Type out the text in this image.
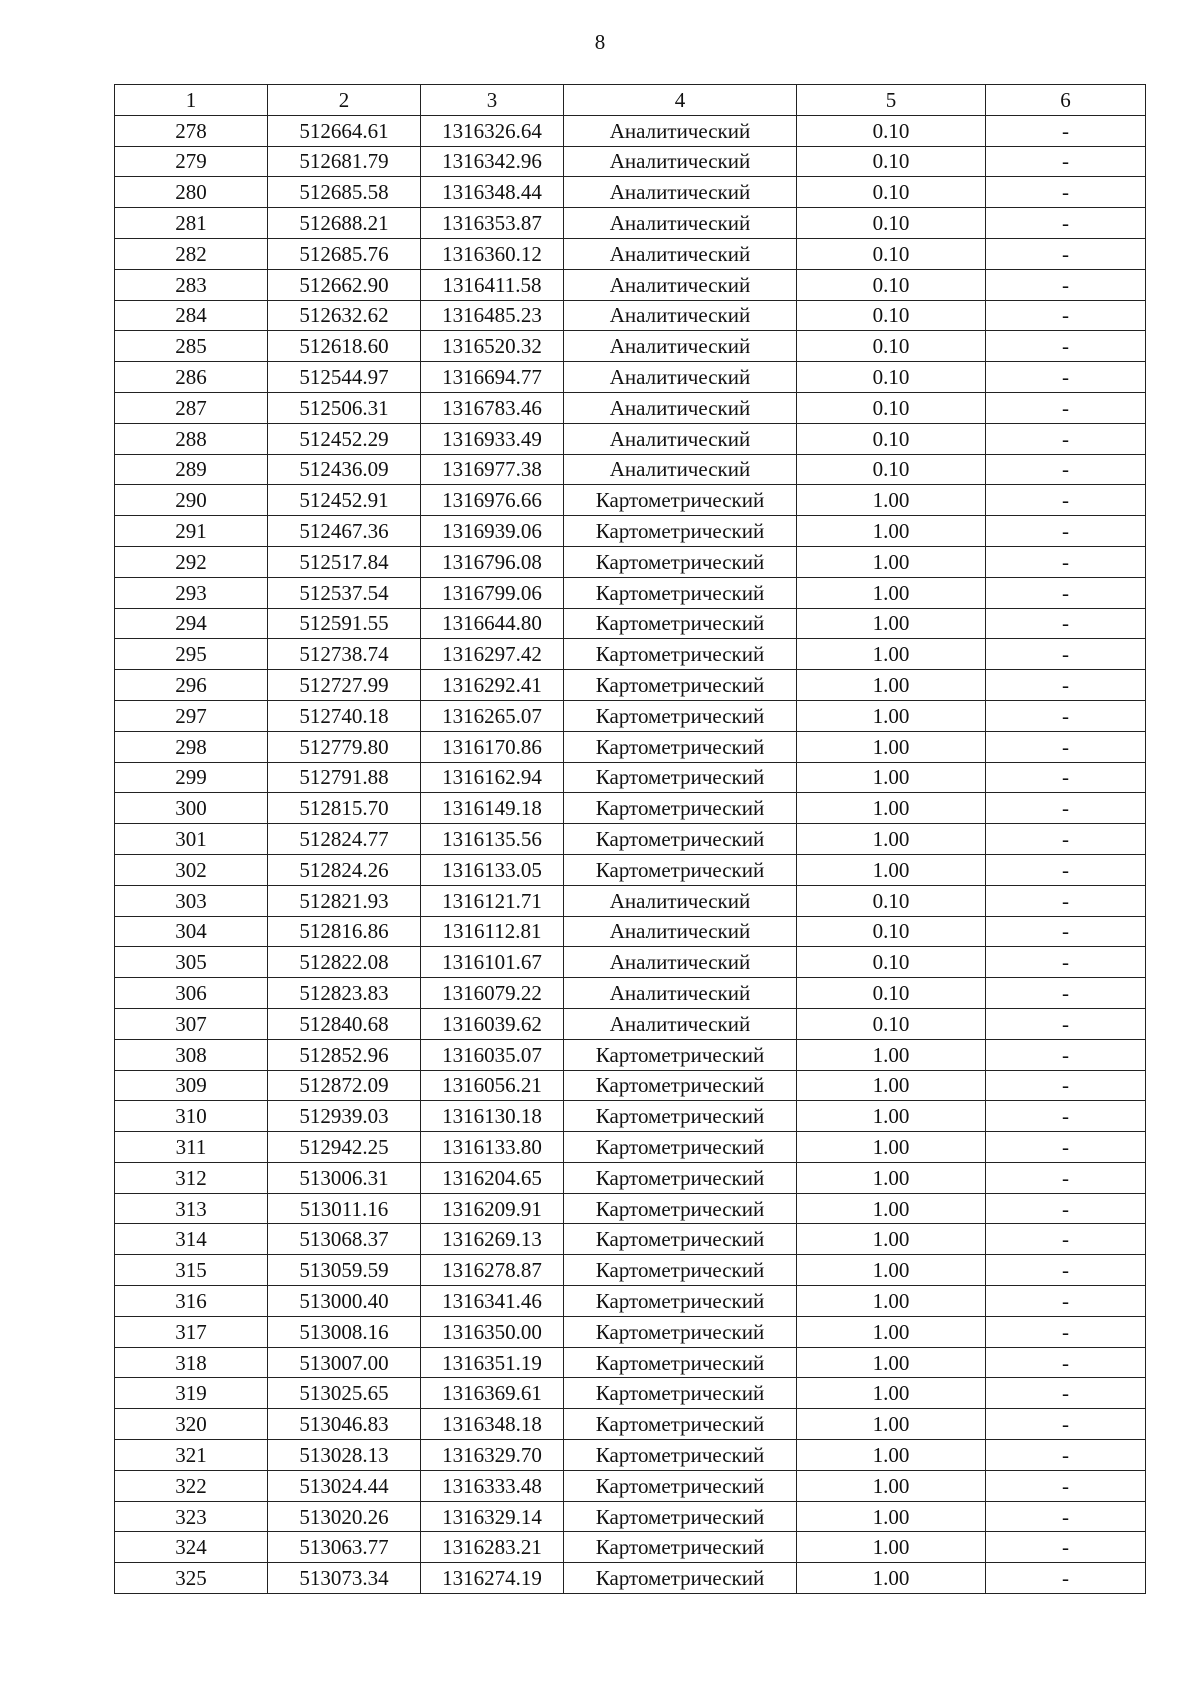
8
1	2	3	4	5	6
278	512664.61	1316326.64	Аналитический	0.10	-
279	512681.79	1316342.96	Аналитический	0.10	-
280	512685.58	1316348.44	Аналитический	0.10	-
281	512688.21	1316353.87	Аналитический	0.10	-
282	512685.76	1316360.12	Аналитический	0.10	-
283	512662.90	1316411.58	Аналитический	0.10	-
284	512632.62	1316485.23	Аналитический	0.10	-
285	512618.60	1316520.32	Аналитический	0.10	-
286	512544.97	1316694.77	Аналитический	0.10	-
287	512506.31	1316783.46	Аналитический	0.10	-
288	512452.29	1316933.49	Аналитический	0.10	-
289	512436.09	1316977.38	Аналитический	0.10	-
290	512452.91	1316976.66	Картометрический	1.00	-
291	512467.36	1316939.06	Картометрический	1.00	-
292	512517.84	1316796.08	Картометрический	1.00	-
293	512537.54	1316799.06	Картометрический	1.00	-
294	512591.55	1316644.80	Картометрический	1.00	-
295	512738.74	1316297.42	Картометрический	1.00	-
296	512727.99	1316292.41	Картометрический	1.00	-
297	512740.18	1316265.07	Картометрический	1.00	-
298	512779.80	1316170.86	Картометрический	1.00	-
299	512791.88	1316162.94	Картометрический	1.00	-
300	512815.70	1316149.18	Картометрический	1.00	-
301	512824.77	1316135.56	Картометрический	1.00	-
302	512824.26	1316133.05	Картометрический	1.00	-
303	512821.93	1316121.71	Аналитический	0.10	-
304	512816.86	1316112.81	Аналитический	0.10	-
305	512822.08	1316101.67	Аналитический	0.10	-
306	512823.83	1316079.22	Аналитический	0.10	-
307	512840.68	1316039.62	Аналитический	0.10	-
308	512852.96	1316035.07	Картометрический	1.00	-
309	512872.09	1316056.21	Картометрический	1.00	-
310	512939.03	1316130.18	Картометрический	1.00	-
311	512942.25	1316133.80	Картометрический	1.00	-
312	513006.31	1316204.65	Картометрический	1.00	-
313	513011.16	1316209.91	Картометрический	1.00	-
314	513068.37	1316269.13	Картометрический	1.00	-
315	513059.59	1316278.87	Картометрический	1.00	-
316	513000.40	1316341.46	Картометрический	1.00	-
317	513008.16	1316350.00	Картометрический	1.00	-
318	513007.00	1316351.19	Картометрический	1.00	-
319	513025.65	1316369.61	Картометрический	1.00	-
320	513046.83	1316348.18	Картометрический	1.00	-
321	513028.13	1316329.70	Картометрический	1.00	-
322	513024.44	1316333.48	Картометрический	1.00	-
323	513020.26	1316329.14	Картометрический	1.00	-
324	513063.77	1316283.21	Картометрический	1.00	-
325	513073.34	1316274.19	Картометрический	1.00	-
